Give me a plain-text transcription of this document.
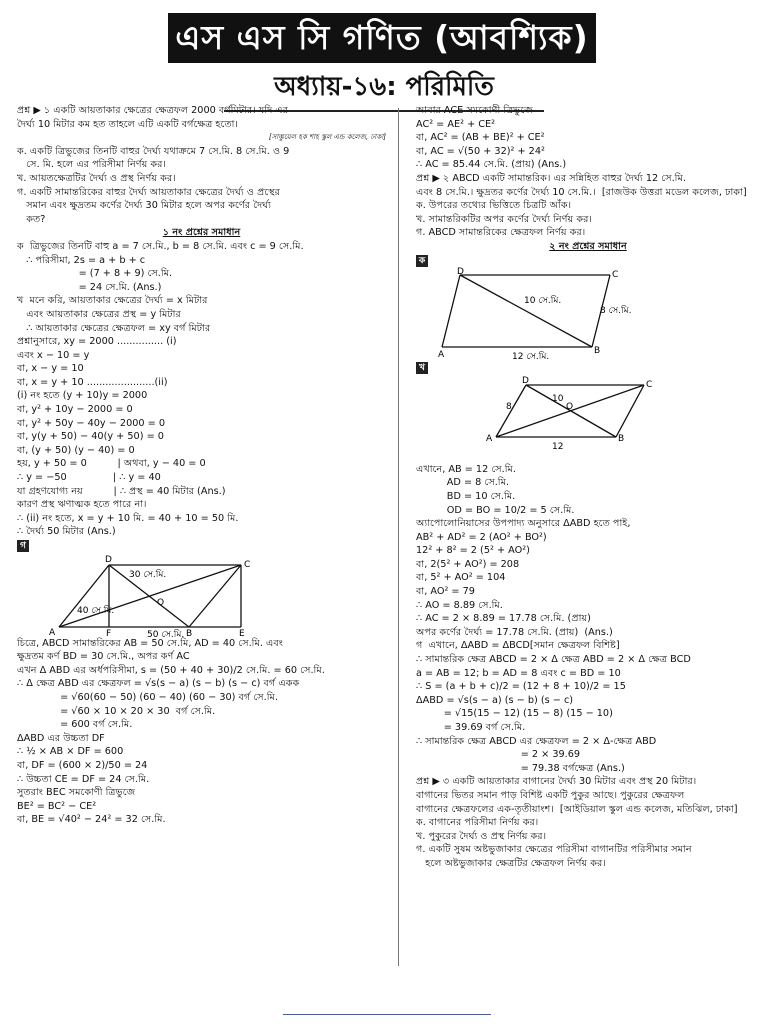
এস এস সি গণিত (আবশ্যিক)
অধ্যায়-১৬: পরিমিতি
প্রশ্ন ▶ ১ একটি আয়তাকার ক্ষেত্রের ক্ষেত্রফল 2000 বর্গমিটার। যদি এর
দৈর্ঘ্য 10 মিটার কম হত তাহলে এটি একটি বর্গক্ষেত্র হতো।
[সাম্ভুয়েল হক শাহ স্কুল এন্ড কলেজ, ঢাকা]
ক. একটি ত্রিভুজের তিনটি বাহুর দৈর্ঘ্য যথাক্রমে 7 সে.মি. 8 সে.মি. ও 9
সে. মি. হলে এর পরিসীমা নির্ণয় কর।
খ. আয়তক্ষেত্রটির দৈর্ঘ্য ও প্রস্থ নির্ণয় কর।
গ. একটি সামান্তরিকের বাহুর দৈর্ঘ্য আয়তাকার ক্ষেত্রের দৈর্ঘ্য ও প্রস্থের
সমান এবং ক্ষুদ্রতম কর্ণের দৈর্ঘ্য 30 মিটার হলে অপর কর্ণের দৈর্ঘ্য
কত?
১ নং প্রশ্নের সমাধান
ক  ত্রিভুজের তিনটি বাহু a = 7 সে.মি., b = 8 সে.মি. এবং c = 9 সে.মি.
∴ পরিসীমা, 2s = a + b + c
= (7 + 8 + 9) সে.মি.
= 24 সে.মি. (Ans.)
খ  মনে করি, আয়তাকার ক্ষেত্রের দৈর্ঘ্য = x মিটার
এবং আয়তাকার ক্ষেত্রের প্রস্থ = y মিটার
∴ আয়তাকার ক্ষেত্রের ক্ষেত্রফল = xy বর্গ মিটার
প্রশ্নানুসারে, xy = 2000 ............... (i)
এবং x − 10 = y
বা, x − y = 10
বা, x = y + 10 ......................(ii)
(i) নং হতে (y + 10)y = 2000
বা, y² + 10y − 2000 = 0
বা, y² + 50y − 40y − 2000 = 0
বা, y(y + 50) − 40(y + 50) = 0
বা, (y + 50) (y − 40) = 0
হয়, y + 50 = 0          | অথবা, y − 40 = 0
∴ y = −50               | ∴ y = 40
যা গ্রহণযোগ্য নয়          | ∴ প্রস্থ = 40 মিটার (Ans.)
কারণ প্রস্থ ঋণাত্মক হতে পারে না।
∴ (ii) নং হতে, x = y + 10 মি. = 40 + 10 = 50 মি.
∴ দৈর্ঘ্য 50 মিটার (Ans.)
গ
D	C
A	F	B	E
O
30 সে.মি.
40 সে.মি.
50 সে.মি.
চিত্রে, ABCD সামান্তরিকের AB = 50 সে.মি, AD = 40 সে.মি. এবং
ক্ষুদ্রতম কর্ণ BD = 30 সে.মি., অপর কর্ণ AC
এখন Δ ABD এর অর্ধপরিসীমা, s = (50 + 40 + 30)/2 সে.মি. = 60 সে.মি.
∴ Δ ক্ষেত্র ABD এর ক্ষেত্রফল = √s(s − a) (s − b) (s − c) বর্গ একক
= √60(60 − 50) (60 − 40) (60 − 30) বর্গ সে.মি.
= √60 × 10 × 20 × 30  বর্গ সে.মি.
= 600 বর্গ সে.মি.
ΔABD এর উচ্চতা DF
∴ ½ × AB × DF = 600
বা, DF = (600 × 2)/50 = 24
∴ উচ্চতা CE = DF = 24 সে.মি.
সুতরাং BEC সমকোণী ত্রিভুজে
BE² = BC² − CE²
বা, BE = √40² − 24² = 32 সে.মি.
আবার ACE সমকোণী ত্রিভুজে
AC² = AE² + CE²
বা, AC² = (AB + BE)² + CE²
বা, AC = √(50 + 32)² + 24²
∴ AC = 85.44 সে.মি. (প্রায়) (Ans.)
প্রশ্ন ▶ ২ ABCD একটি সামান্তরিক। এর সন্নিহিত বাহুর দৈর্ঘ্য 12 সে.মি.
এবং 8 সে.মি.। ক্ষুদ্রতর কর্ণের দৈর্ঘ্য 10 সে.মি.।  [রাজউক উত্তরা মডেল কলেজ, ঢাকা]
ক. উপরের তথ্যের ভিত্তিতে চিত্রটি আঁক।
খ. সামান্তরিকটির অপর কর্ণের দৈর্ঘ্য নির্ণয় কর।
গ. ABCD সামান্তরিকের ক্ষেত্রফল নির্ণয় কর।
২ নং প্রশ্নের সমাধান
ক
D	C
A	B
10 সে.মি.
8 সে.মি.
12 সে.মি.
খ
D	C
A	B
O
10
8
12
এখানে, AB = 12 সে.মি.
AD = 8 সে.মি.
BD = 10 সে.মি.
OD = BO = 10/2 = 5 সে.মি.
অ্যাপোলোনিয়াসের উপপাদ্য অনুসারে ΔABD হতে পাই,
AB² + AD² = 2 (AO² + BO²)
12² + 8² = 2 (5² + AO²)
বা, 2(5² + AO²) = 208
বা, 5² + AO² = 104
বা, AO² = 79
∴ AO = 8.89 সে.মি.
∴ AC = 2 × 8.89 = 17.78 সে.মি. (প্রায়)
অপর কর্ণের দৈর্ঘ্য = 17.78 সে.মি. (প্রায়)  (Ans.)
গ  এখানে, ΔABD = ΔBCD[সমান ক্ষেত্রফল বিশিষ্ট]
∴ সামান্তরিক ক্ষেত্র ABCD = 2 × Δ ক্ষেত্র ABD = 2 × Δ ক্ষেত্র BCD
a = AB = 12; b = AD = 8 এবং c = BD = 10
∴ S = (a + b + c)/2 = (12 + 8 + 10)/2 = 15
ΔABD = √s(s − a) (s − b) (s − c)
= √15(15 − 12) (15 − 8) (15 − 10)
= 39.69 বর্গ সে.মি.
∴ সামান্তরিক ক্ষেত্র ABCD এর ক্ষেত্রফল = 2 × Δ-ক্ষেত্র ABD
= 2 × 39.69
= 79.38 বর্গক্ষেত্র (Ans.)
প্রশ্ন ▶ ৩ একটি আয়তাকার বাগানের দৈর্ঘ্য 30 মিটার এবং প্রস্থ 20 মিটার।
বাগানের ভিতর সমান পাড় বিশিষ্ট একটি পুকুর আছে। পুকুরের ক্ষেত্রফল
বাগানের ক্ষেত্রফলের এক-তৃতীয়াংশ।  [আইডিয়াল স্কুল এন্ড কলেজ, মতিঝিল, ঢাকা]
ক. বাগানের পরিসীমা নির্ণয় কর।
খ. পুকুরের দৈর্ঘ্য ও প্রস্থ নির্ণয় কর।
গ. একটি সুষম অষ্টভুজাকার ক্ষেত্রের পরিসীমা বাগানটির পরিসীমার সমান
হলে অষ্টভুজাকার ক্ষেত্রটির ক্ষেত্রফল নির্ণয় কর।
